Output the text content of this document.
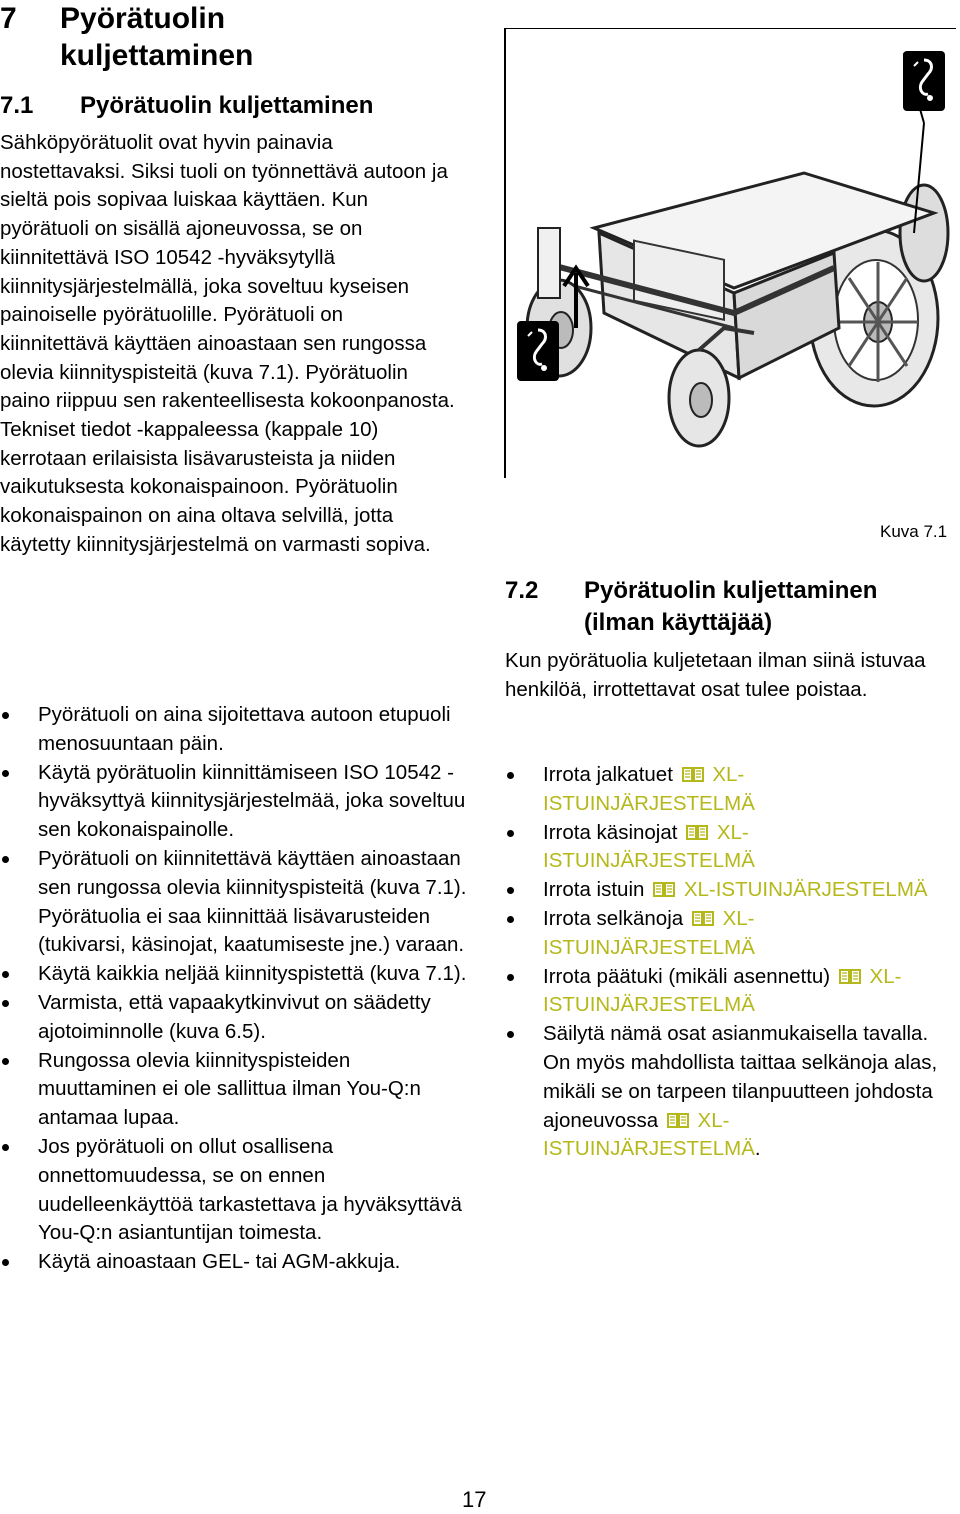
7 Pyörätuolin kuljettaminen
7.1 Pyörätuolin kuljettaminen
Sähköpyörätuolit ovat hyvin painavia nostettavaksi. Siksi tuoli on työnnettävä autoon ja sieltä pois sopivaa luiskaa käyttäen. Kun pyörätuoli on sisällä ajoneuvossa, se on kiinnitettävä ISO 10542 -hyväksytyllä kiinnitysjärjestelmällä, joka soveltuu kyseisen painoiselle pyörätuolille. Pyörätuoli on kiinnitettävä käyttäen ainoastaan sen rungossa olevia kiinnityspisteitä (kuva 7.1). Pyörätuolin paino riippuu sen rakenteellisesta kokoonpanosta. Tekniset tiedot -kappaleessa (kappale 10) kerrotaan erilaisista lisävarusteista ja niiden vaikutuksesta kokonaispainoon. Pyörätuolin kokonaispainon on aina oltava selvillä, jotta käytetty kiinnitysjärjestelmä on varmasti sopiva.
Pyörätuoli on aina sijoitettava autoon etupuoli menosuuntaan päin.
Käytä pyörätuolin kiinnittämiseen ISO 10542 -hyväksyttyä kiinnitysjärjestelmää, joka soveltuu sen kokonaispainolle.
Pyörätuoli on kiinnitettävä käyttäen ainoastaan sen rungossa olevia kiinnityspisteitä (kuva 7.1). Pyörätuolia ei saa kiinnittää lisävarusteiden (tukivarsi, käsinojat, kaatumiseste jne.) varaan.
Käytä kaikkia neljää kiinnityspistettä (kuva 7.1).
Varmista, että vapaakytkinvivut on säädetty ajotoiminnolle (kuva 6.5).
Rungossa olevia kiinnityspisteiden muuttaminen ei ole sallittua ilman You-Q:n antamaa lupaa.
Jos pyörätuoli on ollut osallisena onnettomuudessa, se on ennen uudelleenkäyttöä tarkastettava ja hyväksyttävä You-Q:n asiantuntijan toimesta.
Käytä ainoastaan GEL- tai AGM-akkuja.
Kuva 7.1
7.2 Pyörätuolin kuljettaminen (ilman käyttäjää)
Kun pyörätuolia kuljetetaan ilman siinä istuvaa henkilöä, irrottettavat osat tulee poistaa.
Irrota jalkatuet XL-ISTUINJÄRJESTELMÄ
Irrota käsinojat XL-ISTUINJÄRJESTELMÄ
Irrota istuin XL-ISTUINJÄRJESTELMÄ
Irrota selkänoja XL-ISTUINJÄRJESTELMÄ
Irrota päätuki (mikäli asennettu) XL-ISTUINJÄRJESTELMÄ
Säilytä nämä osat asianmukaisella tavalla. On myös mahdollista taittaa selkänoja alas, mikäli se on tarpeen tilanpuutteen johdosta ajoneuvossa XL-ISTUINJÄRJESTELMÄ.
17
